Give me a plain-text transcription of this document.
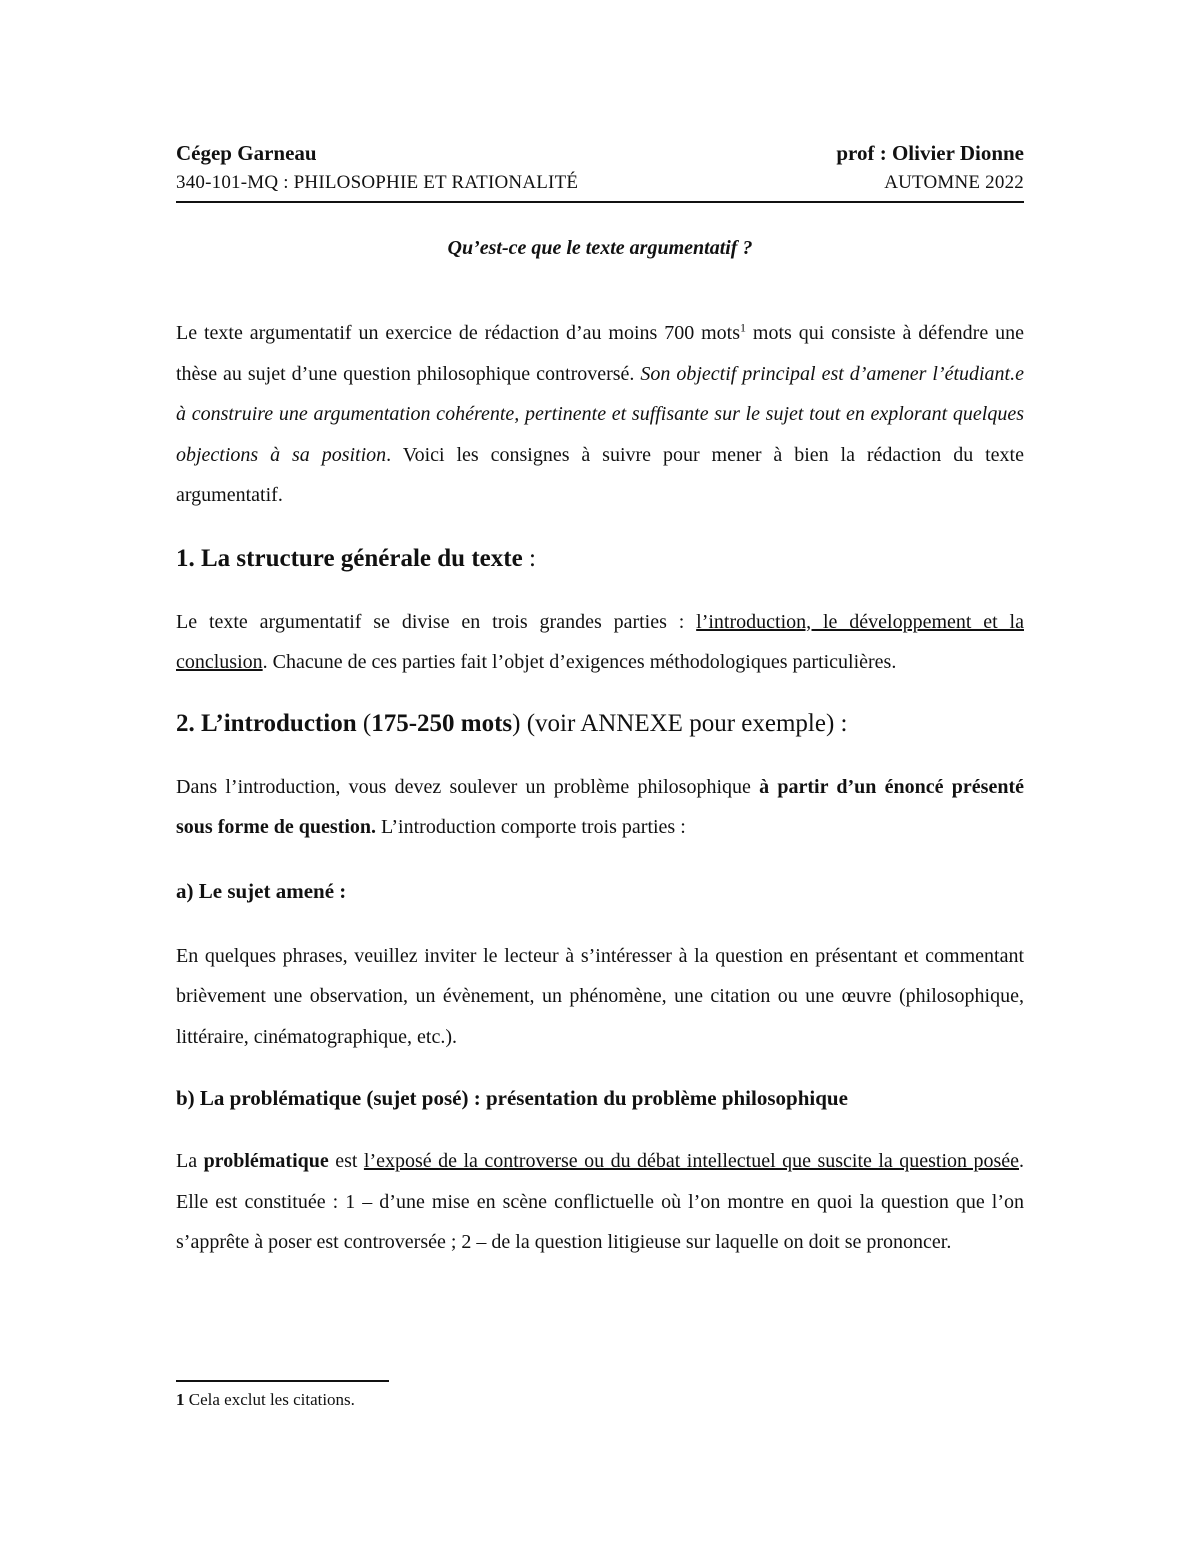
Cégep Garneau	prof : Olivier Dionne
340-101-MQ : PHILOSOPHIE ET RATIONALITÉ	AUTOMNE 2022
Qu’est-ce que le texte argumentatif ?

Le texte argumentatif un exercice de rédaction d’au moins 700 mots$^1$ mots qui consiste à défendre une thèse au sujet d’une question philosophique controversé. Son objectif principal est d’amener l’étudiant.e à construire une argumentation cohérente, pertinente et suffisante sur le sujet tout en explorant quelques objections à sa position. Voici les consignes à suivre pour mener à bien la rédaction du texte argumentatif.

1. La structure générale du texte :

Le texte argumentatif se divise en trois grandes parties : l’introduction, le développement et la conclusion. Chacune de ces parties fait l’objet d’exigences méthodologiques particulières.

2. L’introduction (175-250 mots) (voir ANNEXE pour exemple) :

Dans l’introduction, vous devez soulever un problème philosophique à partir d’un énoncé présenté sous forme de question. L’introduction comporte trois parties :

a) Le sujet amené :

En quelques phrases, veuillez inviter le lecteur à s’intéresser à la question en présentant et commentant brièvement une observation, un évènement, un phénomène, une citation ou une œuvre (philosophique, littéraire, cinématographique, etc.).

b) La problématique (sujet posé) : présentation du problème philosophique

La problématique est l’exposé de la controverse ou du débat intellectuel que suscite la question posée. Elle est constituée : 1 – d’une mise en scène conflictuelle où l’on montre en quoi la question que l’on s’apprête à poser est controversée ; 2 – de la question litigieuse sur laquelle on doit se prononcer.

1 Cela exclut les citations.
